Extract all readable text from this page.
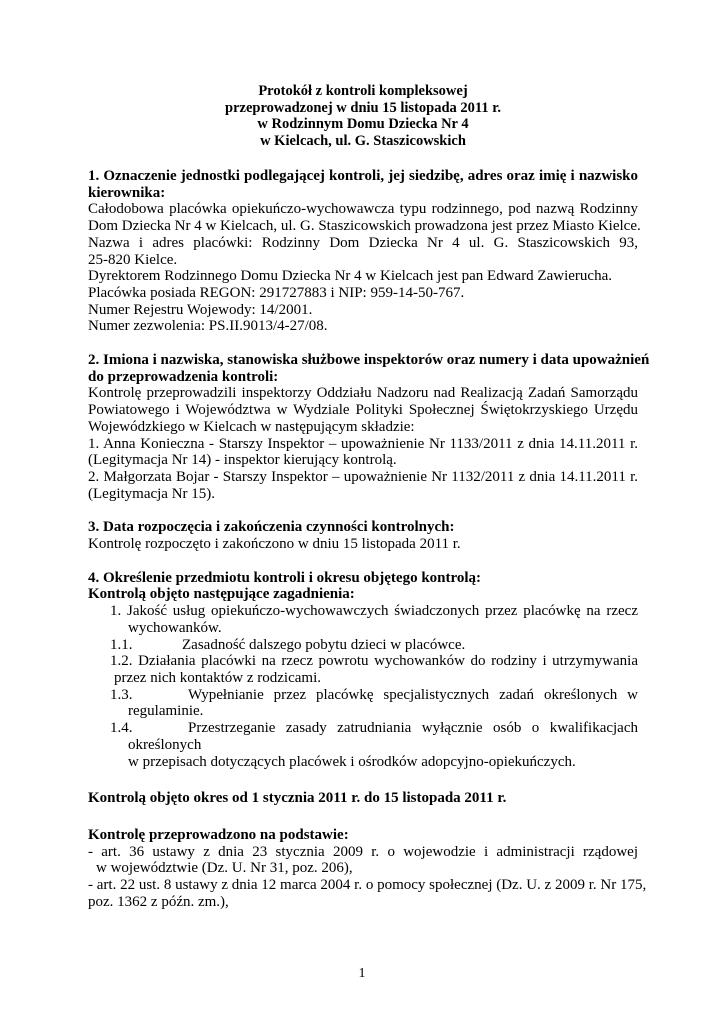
Protokół z kontroli kompleksowej
przeprowadzonej w dniu 15 listopada 2011 r.
w Rodzinnym Domu Dziecka Nr 4
w Kielcach, ul. G. Staszicowskich
1. Oznaczenie jednostki podlegającej kontroli, jej siedzibę, adres oraz imię i nazwisko
kierownika:
Całodobowa placówka opiekuńczo-wychowawcza typu rodzinnego, pod nazwą Rodzinny
Dom Dziecka Nr 4 w Kielcach, ul. G. Staszicowskich prowadzona jest przez Miasto Kielce.
Nazwa i adres placówki: Rodzinny Dom Dziecka Nr 4 ul. G. Staszicowskich 93,
25-820 Kielce.
Dyrektorem Rodzinnego Domu Dziecka Nr 4 w Kielcach jest pan Edward Zawierucha.
Placówka posiada REGON: 291727883 i NIP: 959-14-50-767.
Numer Rejestru Wojewody: 14/2001.
Numer zezwolenia: PS.II.9013/4-27/08.
2. Imiona i nazwiska, stanowiska służbowe inspektorów oraz numery i data upoważnień
do przeprowadzenia kontroli:
Kontrolę przeprowadzili inspektorzy Oddziału Nadzoru nad Realizacją Zadań Samorządu
Powiatowego i Województwa w Wydziale Polityki Społecznej Świętokrzyskiego Urzędu
Wojewódzkiego w Kielcach w następującym składzie:
1. Anna Konieczna - Starszy Inspektor – upoważnienie Nr 1133/2011 z dnia 14.11.2011 r.
(Legitymacja Nr 14) - inspektor kierujący kontrolą.
2. Małgorzata Bojar - Starszy Inspektor – upoważnienie Nr 1132/2011 z dnia 14.11.2011 r.
(Legitymacja Nr 15).
3. Data rozpoczęcia i zakończenia czynności kontrolnych:
Kontrolę rozpoczęto i zakończono w dniu 15 listopada 2011 r.
4. Określenie przedmiotu kontroli i okresu objętego kontrolą:
Kontrolą objęto następujące zagadnienia:
1. Jakość usług opiekuńczo-wychowawczych świadczonych przez placówkę na rzecz
wychowanków.
1.1.	Zasadność dalszego pobytu dzieci w placówce.
1.2. Działania placówki na rzecz powrotu wychowanków do rodziny i utrzymywania
przez nich kontaktów z rodzicami.
1.3.	Wypełnianie przez placówkę specjalistycznych zadań określonych w
regulaminie.
1.4.	Przestrzeganie zasady zatrudniania wyłącznie osób o kwalifikacjach
określonych
w przepisach dotyczących placówek i ośrodków adopcyjno-opiekuńczych.
Kontrolą objęto okres od 1 stycznia 2011 r. do 15 listopada 2011 r.
Kontrolę przeprowadzono na podstawie:
- art. 36 ustawy z dnia 23 stycznia 2009 r. o wojewodzie i administracji rządowej
w województwie (Dz. U. Nr 31, poz. 206),
- art. 22 ust. 8 ustawy z dnia 12 marca 2004 r. o pomocy społecznej (Dz. U. z 2009 r. Nr 175,
poz. 1362 z późn. zm.),
1
